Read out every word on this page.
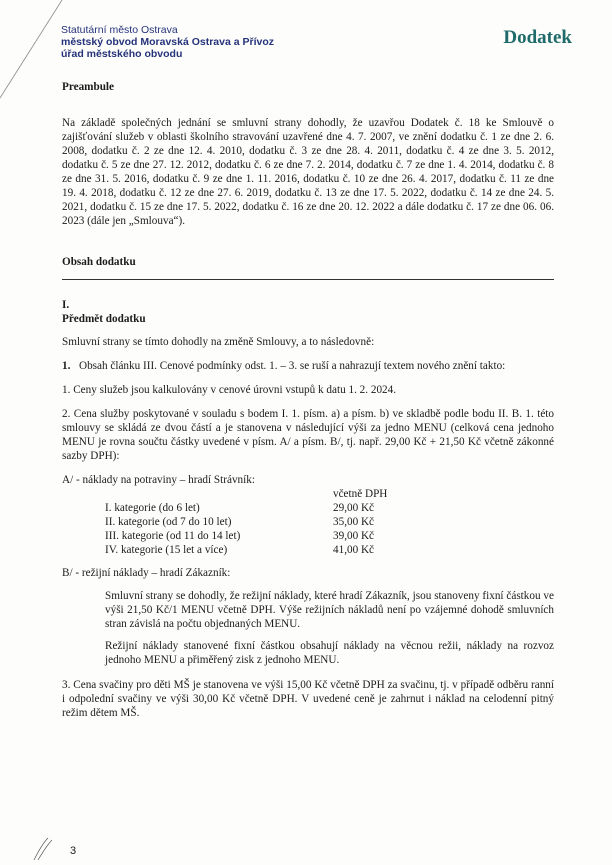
Statutární město Ostrava
městský obvod Moravská Ostrava a Přívoz
úřad městského obvodu
Dodatek
Preambule
Na základě společných jednání se smluvní strany dohodly, že uzavřou Dodatek č. 18 ke Smlouvě o zajišťování služeb v oblasti školního stravování uzavřené dne 4. 7. 2007, ve znění dodatku č. 1 ze dne 2. 6. 2008, dodatku č. 2 ze dne 12. 4. 2010, dodatku č. 3 ze dne 28. 4. 2011, dodatku č. 4 ze dne 3. 5. 2012, dodatku č. 5 ze dne 27. 12. 2012, dodatku č. 6 ze dne 7. 2. 2014, dodatku č. 7 ze dne 1. 4. 2014, dodatku č. 8 ze dne 31. 5. 2016, dodatku č. 9 ze dne 1. 11. 2016, dodatku č. 10 ze dne 26. 4. 2017, dodatku č. 11 ze dne 19. 4. 2018, dodatku č. 12 ze dne 27. 6. 2019, dodatku č. 13 ze dne 17. 5. 2022, dodatku č. 14 ze dne 24. 5. 2021, dodatku č. 15 ze dne 17. 5. 2022, dodatku č. 16 ze dne 20. 12. 2022 a dále dodatku č. 17 ze dne 06. 06. 2023 (dále jen „Smlouva“).
Obsah dodatku
I.
Předmět dodatku
Smluvní strany se tímto dohodly na změně Smlouvy, a to následovně:
1. Obsah článku III. Cenové podmínky odst. 1. – 3. se ruší a nahrazují textem nového znění takto:
1. Ceny služeb jsou kalkulovány v cenové úrovni vstupů k datu 1. 2. 2024.
2. Cena služby poskytované v souladu s bodem I. 1. písm. a) a písm. b) ve skladbě podle bodu II. B. 1. této smlouvy se skládá ze dvou částí a je stanovena v následující výši za jedno MENU (celková cena jednoho MENU je rovna součtu částky uvedené v písm. A/ a písm. B/, tj. např. 29,00 Kč + 21,50 Kč včetně zákonné sazby DPH):
A/ - náklady na potraviny – hradí Strávník:
	včetně DPH
I. kategorie (do 6 let)	29,00 Kč
II. kategorie (od 7 do 10 let)	35,00 Kč
III. kategorie (od 11 do 14 let)	39,00 Kč
IV. kategorie (15 let a více)	41,00 Kč
B/ - režijní náklady – hradí Zákazník:
Smluvní strany se dohodly, že režijní náklady, které hradí Zákazník, jsou stanoveny fixní částkou ve výši 21,50 Kč/1 MENU včetně DPH. Výše režijních nákladů není po vzájemné dohodě smluvních stran závislá na počtu objednaných MENU.
Režijní náklady stanovené fixní částkou obsahují náklady na věcnou režii, náklady na rozvoz jednoho MENU a přiměřený zisk z jednoho MENU.
3. Cena svačiny pro děti MŠ je stanovena ve výši 15,00 Kč včetně DPH za svačinu, tj. v případě odběru ranní i odpolední svačiny ve výši 30,00 Kč včetně DPH. V uvedené ceně je zahrnut i náklad na celodenní pitný režim dětem MŠ.
3
